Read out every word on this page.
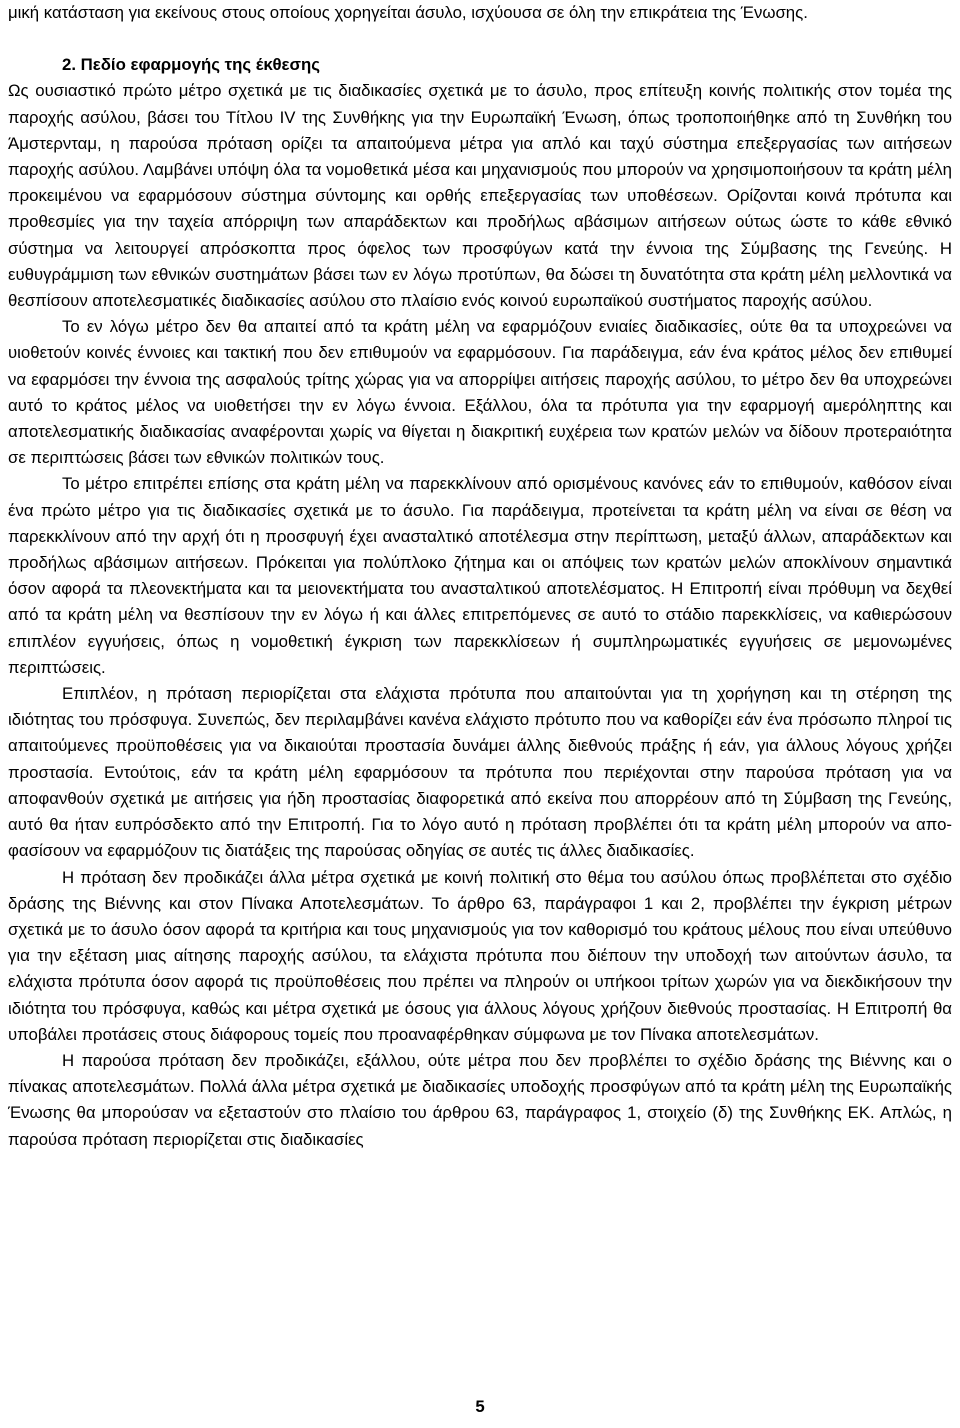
μική κατάσταση για εκείνους στους οποίους χορηγείται άσυλο, ισχύουσα σε όλη την επικράτεια της Ένωσης.

2. Πεδίο εφαρμογής της έκθεσης

Ως ουσιαστικό πρώτο μέτρο σχετικά με τις διαδικασίες σχετικά με το άσυλο, προς επίτευξη κοινής πολιτικής στον τομέα της παροχής ασύλου, βάσει του Τίτλου IV της Συνθήκης για την Ευρωπαϊκή Ένωση, όπως τροποποιήθηκε από τη Συνθήκη του Άμστερνταμ, η παρούσα πρόταση ορίζει τα απαιτούμενα μέτρα για απλό και ταχύ σύστημα επεξεργασίας των αιτήσεων παροχής ασύλου. Λαμβάνει υπόψη όλα τα νομοθετικά μέσα και μηχανισμούς που μπορούν να χρησιμοποιήσουν τα κράτη μέλη προκειμένου να εφαρμόσουν σύστημα σύντομης και ορθής επεξεργασίας των υποθέσεων. Ορίζονται κοινά πρότυπα και προθεσμίες για την ταχεία απόρριψη των απαράδεκτων και προδήλως αβάσιμων αιτήσεων ούτως ώστε το κάθε εθνικό σύστημα να λειτουργεί απρόσκοπτα προς όφελος των προσφύγων κατά την έννοια της Σύμβασης της Γενεύης. Η ευθυγράμμιση των εθνικών συστημάτων βάσει των εν λόγω προτύπων, θα δώσει τη δυνατότητα στα κράτη μέλη μελλοντικά να θεσπίσουν αποτελεσματικές διαδικασίες ασύλου στο πλαίσιο ενός κοινού ευρωπαϊκού συστήματος παροχής ασύλου.

Το εν λόγω μέτρο δεν θα απαιτεί από τα κράτη μέλη να εφαρμόζουν ενιαίες διαδικασίες, ούτε θα τα υποχρεώνει να υιοθετούν κοινές έννοιες και τακτική που δεν επιθυμούν να εφαρμόσουν. Για παράδειγμα, εάν ένα κράτος μέλος δεν επιθυμεί να εφαρμόσει την έννοια της ασφαλούς τρίτης χώρας για να απορρίψει αιτήσεις παροχής ασύλου, το μέτρο δεν θα υποχρεώνει αυτό το κράτος μέλος να υιοθετήσει την εν λόγω έννοια. Εξάλλου, όλα τα πρότυπα για την εφαρμογή αμερόληπτης και αποτελεσματικής διαδικασίας αναφέρονται χωρίς να θίγεται η διακριτική ευχέρεια των κρατών μελών να δίδουν προτεραιότητα σε περιπτώσεις βάσει των εθνικών πολιτικών τους.

Το μέτρο επιτρέπει επίσης στα κράτη μέλη να παρεκκλίνουν από ορισμένους κανόνες εάν το επιθυμούν, καθόσον είναι ένα πρώτο μέτρο για τις διαδικασίες σχετικά με το άσυλο. Για παράδειγμα, προτείνεται τα κράτη μέλη να είναι σε θέση να παρεκκλίνουν από την αρχή ότι η προσφυγή έχει ανασταλτικό αποτέλεσμα στην περίπτωση, μεταξύ άλλων, απαράδεκτων και προδήλως αβάσιμων αιτήσεων. Πρόκειται για πολύπλοκο ζήτημα και οι απόψεις των κρατών μελών αποκλίνουν σημαντικά όσον αφορά τα πλεονεκτήματα και τα μειονεκτήματα του ανασταλτικού αποτελέσματος. Η Επιτροπή είναι πρόθυμη να δεχθεί από τα κράτη μέλη να θεσπίσουν την εν λόγω ή και άλλες επιτρεπόμενες σε αυτό το στάδιο παρεκκλίσεις, να καθιερώσουν επιπλέον εγγυήσεις, όπως η νομοθετική έγκριση των παρεκκλίσεων ή συμπληρωματικές εγγυήσεις σε μεμονωμένες περιπτώσεις.

Επιπλέον, η πρόταση περιορίζεται στα ελάχιστα πρότυπα που απαιτούνται για τη χορήγηση και τη στέρηση της ιδιότητας του πρόσφυγα. Συνεπώς, δεν περιλαμβάνει κανένα ελάχιστο πρότυπο που να καθορίζει εάν ένα πρόσωπο πληροί τις απαιτούμενες προϋποθέσεις για να δικαιούται προστασία δυνάμει άλλης διεθνούς πράξης ή εάν, για άλλους λόγους χρήζει προστασία. Εντούτοις, εάν τα κράτη μέλη εφαρμόσουν τα πρότυπα που περιέχονται στην παρούσα πρόταση για να αποφανθούν σχετικά με αιτήσεις για ήδη προστασίας διαφορετικά από εκείνα που απορρέουν από τη Σύμβαση της Γενεύης, αυτό θα ήταν ευπρόσδεκτο από την Επιτροπή. Για το λόγο αυτό η πρόταση προβλέπει ότι τα κράτη μέλη μπορούν να αποφασίσουν να εφαρμόζουν τις διατάξεις της παρούσας οδηγίας σε αυτές τις άλλες διαδικασίες.

Η πρόταση δεν προδικάζει άλλα μέτρα σχετικά με κοινή πολιτική στο θέμα του ασύλου όπως προβλέπεται στο σχέδιο δράσης της Βιέννης και στον Πίνακα Αποτελεσμάτων. Το άρθρο 63, παράγραφοι 1 και 2, προβλέπει την έγκριση μέτρων σχετικά με το άσυλο όσον αφορά τα κριτήρια και τους μηχανισμούς για τον καθορισμό του κράτους μέλους που είναι υπεύθυνο για την εξέταση μιας αίτησης παροχής ασύλου, τα ελάχιστα πρότυπα που διέπουν την υποδοχή των αιτούντων άσυλο, τα ελάχιστα πρότυπα όσον αφορά τις προϋποθέσεις που πρέπει να πληρούν οι υπήκοοι τρίτων χωρών για να διεκδικήσουν την ιδιότητα του πρόσφυγα, καθώς και μέτρα σχετικά με όσους για άλλους λόγους χρήζουν διεθνούς προστασίας. Η Επιτροπή θα υποβάλει προτάσεις στους διάφορους τομείς που προαναφέρθηκαν σύμφωνα με τον Πίνακα αποτελεσμάτων.

Η παρούσα πρόταση δεν προδικάζει, εξάλλου, ούτε μέτρα που δεν προβλέπει το σχέδιο δράσης της Βιέννης και ο πίνακας αποτελεσμάτων. Πολλά άλλα μέτρα σχετικά με διαδικασίες υποδοχής προσφύγων από τα κράτη μέλη της Ευρωπαϊκής Ένωσης θα μπορούσαν να εξεταστούν στο πλαίσιο του άρθρου 63, παράγραφος 1, στοιχείο (δ) της Συνθήκης ΕΚ. Απλώς, η παρούσα πρόταση περιορίζεται στις διαδικασίες

5
